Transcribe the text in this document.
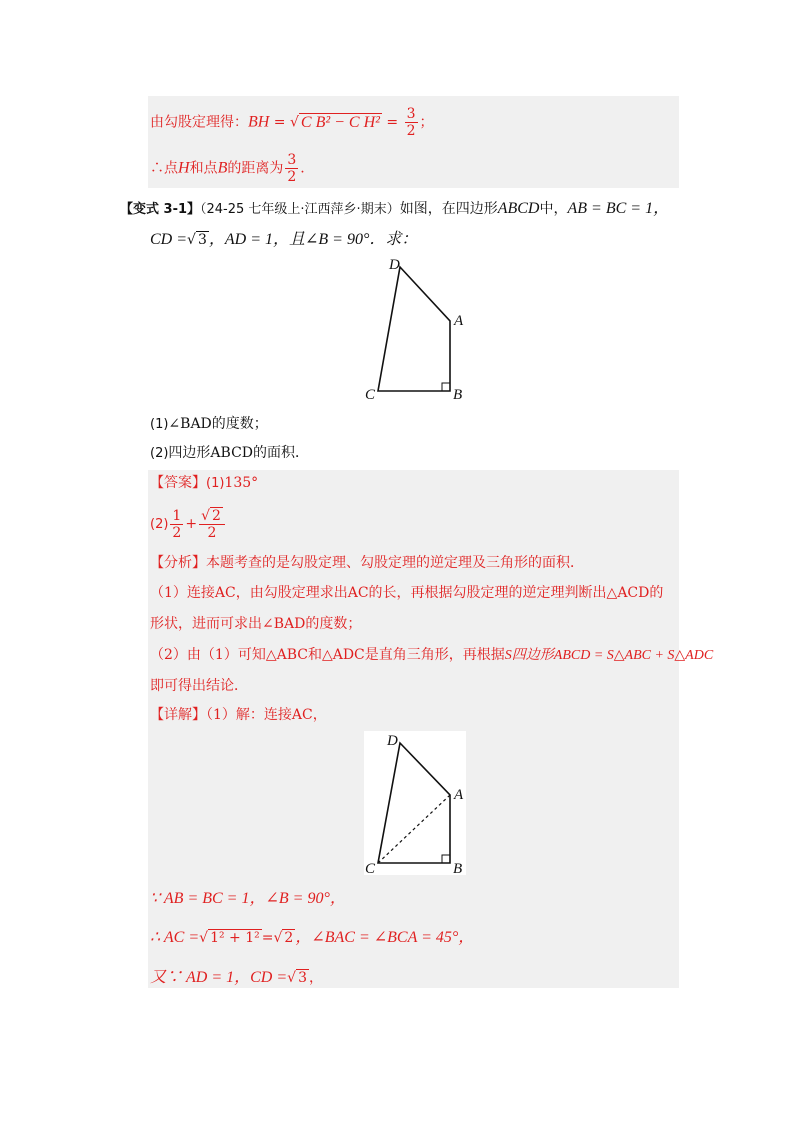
由勾股定理得：BH = √ C B² − C $H^2 = \frac{3}{2}$ ；
∴点H和点B的距离为 $\frac{3}{2}$ .
【变式 3-1】（24-25 七年级上·江西萍乡·期末）如图，在四边形ABCD中，AB = BC = 1，
CD =√ 3 ，AD = 1，且∠B = 90°．求：
D
A
C	B
(1)∠BAD的度数；
(2)四边形ABCD的面积．
【答案】(1)135°
$(2) \frac{1}{2} + \frac{√ 2}{2}$
【分析】本题考查的是勾股定理、勾股定理的逆定理及三角形的面积．
（1）连接AC，由勾股定理求出AC的长，再根据勾股定理的逆定理判断出△ACD的
形状，进而可求出∠BAD的度数；
（2）由（1）可知△ABC和△ADC是直角三角形，再根据S四边形ABCD = S△ABC + S△ADC
即可得出结论．
【详解】（1）解：连接AC，
D
A
C	B
∵ AB = BC = 1，∠B = 90°，
∴ AC =√ 1² + 1² =√ 2 ，∠BAC = ∠BCA = 45°，
又∵ AD = 1，CD =√ 3 ，
